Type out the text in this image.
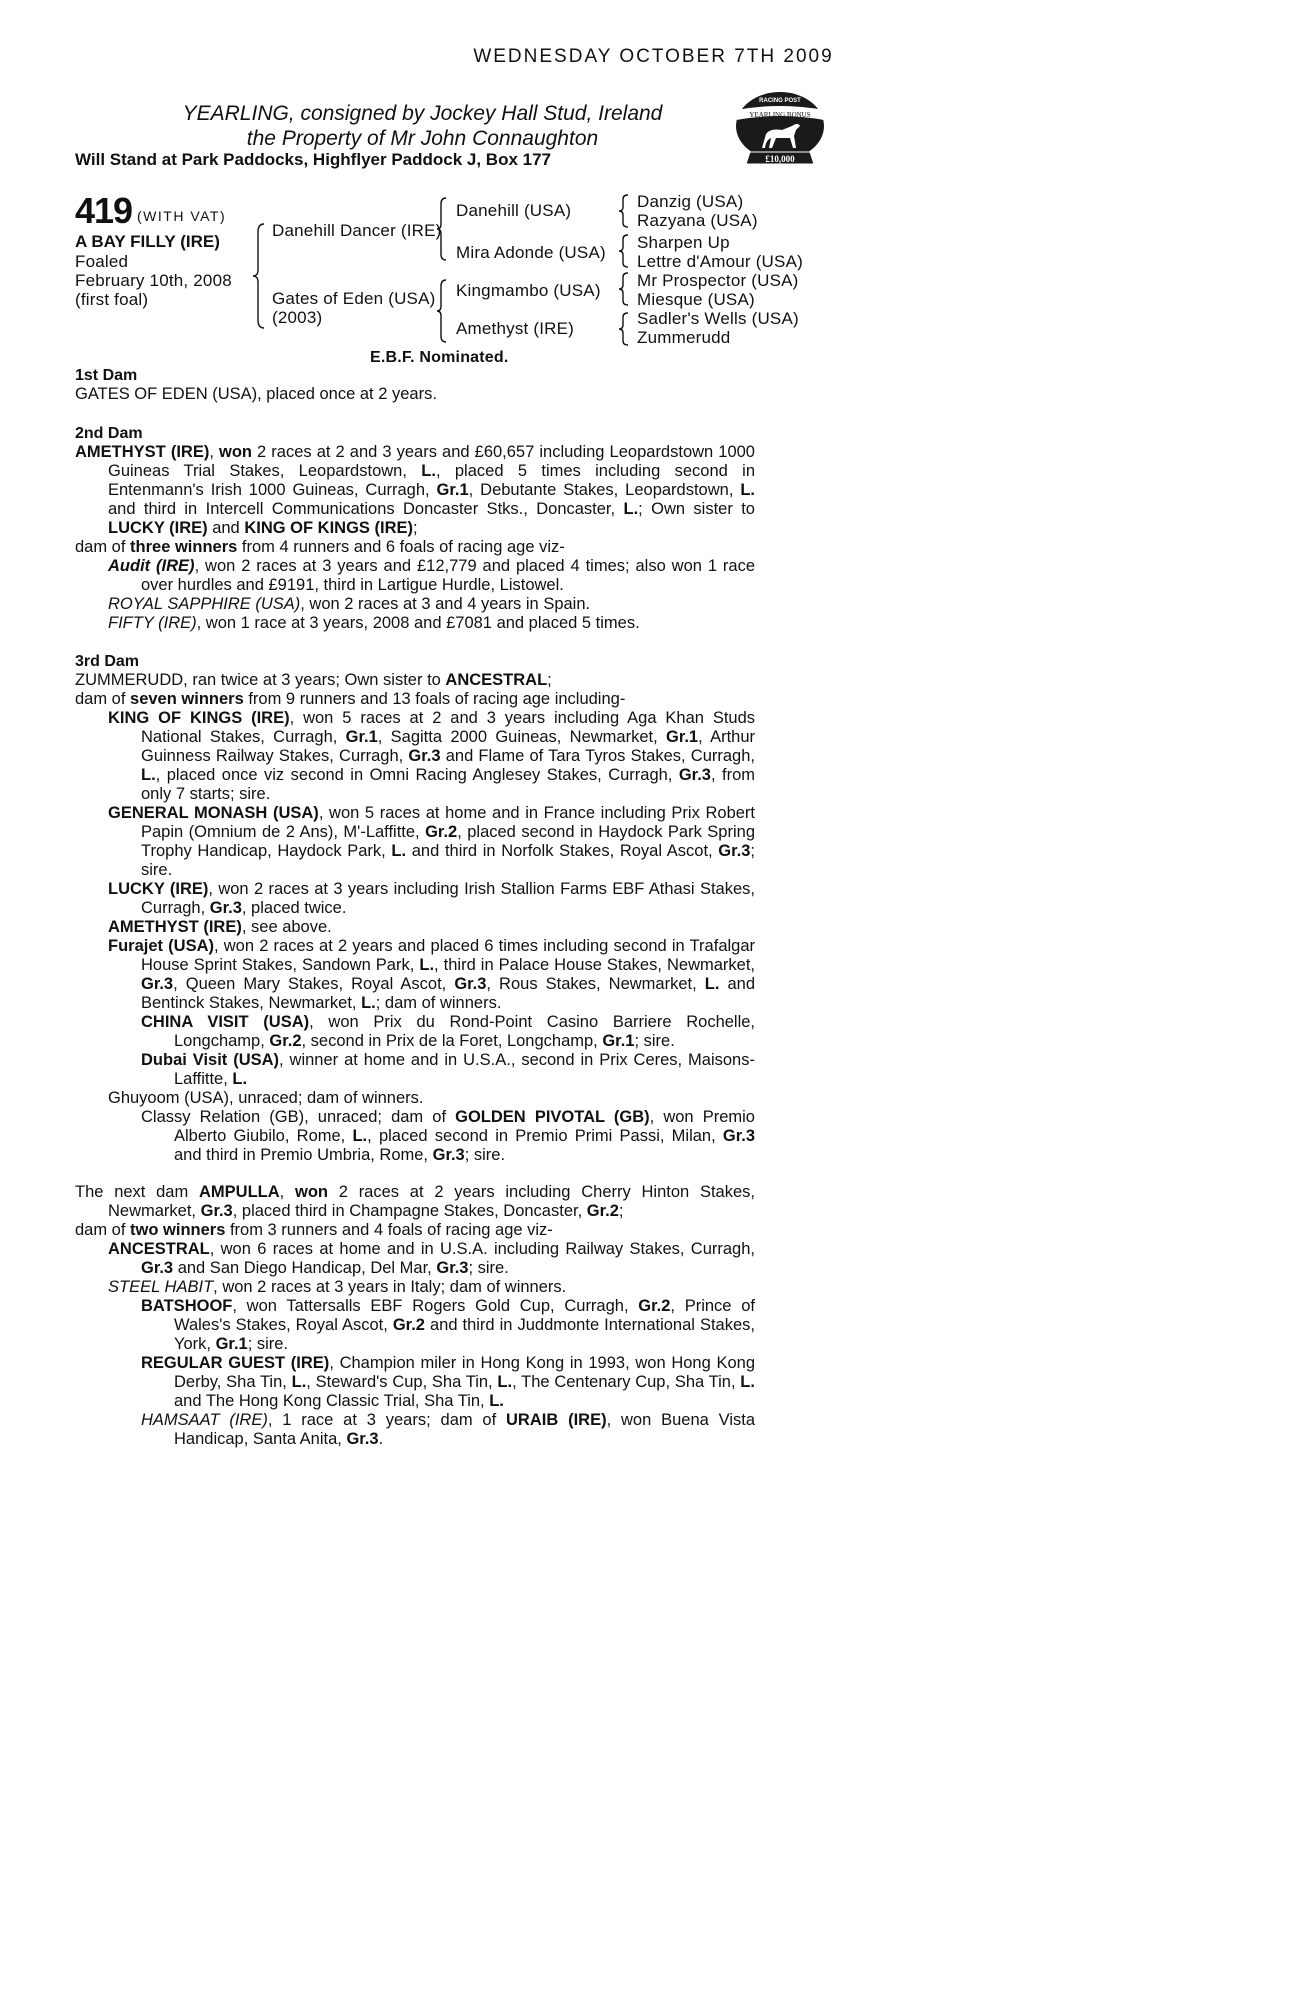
WEDNESDAY OCTOBER 7TH 2009
YEARLING, consigned by Jockey Hall Stud, Ireland
the Property of Mr John Connaughton
Will Stand at Park Paddocks, Highflyer Paddock J, Box 177
RACING POST
YEARLING BONUS
£10,000
419 (WITH VAT)
A BAY FILLY (IRE)
Foaled
February 10th, 2008
(first foal)
Danehill Dancer (IRE)
Gates of Eden (USA)
(2003)
Danehill (USA)
Mira Adonde (USA)
Kingmambo (USA)
Amethyst (IRE)
Danzig (USA)
Razyana (USA)
Sharpen Up
Lettre d'Amour (USA)
Mr Prospector (USA)
Miesque (USA)
Sadler's Wells (USA)
Zummerudd
E.B.F. Nominated.

1st Dam

GATES OF EDEN (USA), placed once at 2 years.

2nd Dam

AMETHYST (IRE), won 2 races at 2 and 3 years and £60,657 including Leopardstown 1000 Guineas Trial Stakes, Leopardstown, L., placed 5 times including second in Entenmann's Irish 1000 Guineas, Curragh, Gr.1, Debutante Stakes, Leopardstown, L. and third in Intercell Communications Doncaster Stks., Doncaster, L.; Own sister to LUCKY (IRE) and KING OF KINGS (IRE);

dam of three winners from 4 runners and 6 foals of racing age viz-

Audit (IRE), won 2 races at 3 years and £12,779 and placed 4 times; also won 1 race over hurdles and £9191, third in Lartigue Hurdle, Listowel.

ROYAL SAPPHIRE (USA), won 2 races at 3 and 4 years in Spain.

FIFTY (IRE), won 1 race at 3 years, 2008 and £7081 and placed 5 times.

3rd Dam

ZUMMERUDD, ran twice at 3 years; Own sister to ANCESTRAL;

dam of seven winners from 9 runners and 13 foals of racing age including-

KING OF KINGS (IRE), won 5 races at 2 and 3 years including Aga Khan Studs National Stakes, Curragh, Gr.1, Sagitta 2000 Guineas, Newmarket, Gr.1, Arthur Guinness Railway Stakes, Curragh, Gr.3 and Flame of Tara Tyros Stakes, Curragh, L., placed once viz second in Omni Racing Anglesey Stakes, Curragh, Gr.3, from only 7 starts; sire.

GENERAL MONASH (USA), won 5 races at home and in France including Prix Robert Papin (Omnium de 2 Ans), M'-Laffitte, Gr.2, placed second in Haydock Park Spring Trophy Handicap, Haydock Park, L. and third in Norfolk Stakes, Royal Ascot, Gr.3; sire.

LUCKY (IRE), won 2 races at 3 years including Irish Stallion Farms EBF Athasi Stakes, Curragh, Gr.3, placed twice.

AMETHYST (IRE), see above.

Furajet (USA), won 2 races at 2 years and placed 6 times including second in Trafalgar House Sprint Stakes, Sandown Park, L., third in Palace House Stakes, Newmarket, Gr.3, Queen Mary Stakes, Royal Ascot, Gr.3, Rous Stakes, Newmarket, L. and Bentinck Stakes, Newmarket, L.; dam of winners.

CHINA VISIT (USA), won Prix du Rond-Point Casino Barriere Rochelle, Longchamp, Gr.2, second in Prix de la Foret, Longchamp, Gr.1; sire.

Dubai Visit (USA), winner at home and in U.S.A., second in Prix Ceres, Maisons-Laffitte, L.

Ghuyoom (USA), unraced; dam of winners.

Classy Relation (GB), unraced; dam of GOLDEN PIVOTAL (GB), won Premio Alberto Giubilo, Rome, L., placed second in Premio Primi Passi, Milan, Gr.3 and third in Premio Umbria, Rome, Gr.3; sire.

The next dam AMPULLA, won 2 races at 2 years including Cherry Hinton Stakes, Newmarket, Gr.3, placed third in Champagne Stakes, Doncaster, Gr.2;

dam of two winners from 3 runners and 4 foals of racing age viz-

ANCESTRAL, won 6 races at home and in U.S.A. including Railway Stakes, Curragh, Gr.3 and San Diego Handicap, Del Mar, Gr.3; sire.

STEEL HABIT, won 2 races at 3 years in Italy; dam of winners.

BATSHOOF, won Tattersalls EBF Rogers Gold Cup, Curragh, Gr.2, Prince of Wales's Stakes, Royal Ascot, Gr.2 and third in Juddmonte International Stakes, York, Gr.1; sire.

REGULAR GUEST (IRE), Champion miler in Hong Kong in 1993, won Hong Kong Derby, Sha Tin, L., Steward's Cup, Sha Tin, L., The Centenary Cup, Sha Tin, L. and The Hong Kong Classic Trial, Sha Tin, L.

HAMSAAT (IRE), 1 race at 3 years; dam of URAIB (IRE), won Buena Vista Handicap, Santa Anita, Gr.3.
